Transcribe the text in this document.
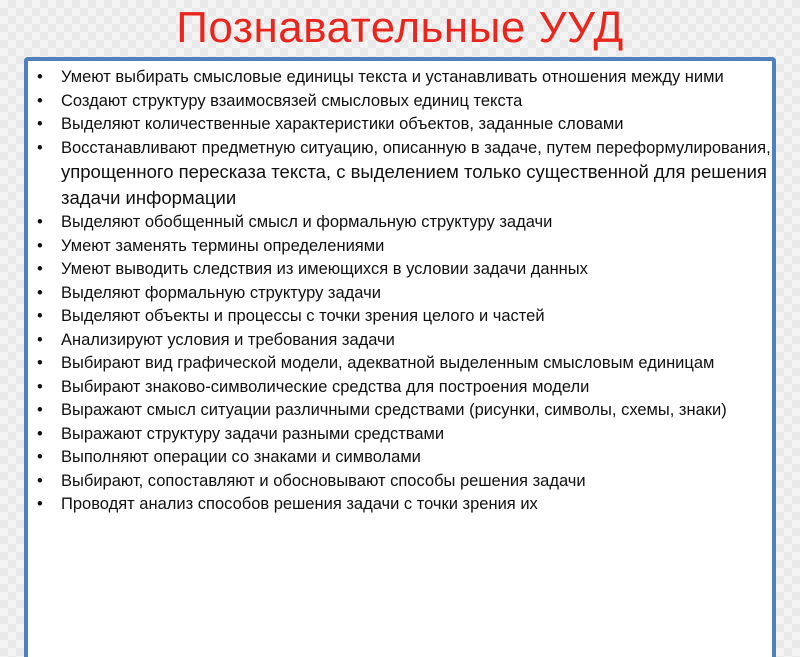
Познавательные УУД
• Умеют выбирать смысловые единицы текста и устанавливать отношения между ними
• Создают структуру взаимосвязей смысловых единиц текста
• Выделяют количественные характеристики объектов, заданные словами
• Восстанавливают предметную ситуацию, описанную в задаче, путем переформулирования, упрощенного пересказа текста, с выделением только существенной для решения задачи информации
• Выделяют обобщенный смысл и формальную структуру задачи
• Умеют заменять термины определениями
• Умеют выводить следствия из имеющихся в условии задачи данных
• Выделяют формальную структуру задачи
• Выделяют объекты и процессы с точки зрения целого и частей
• Анализируют условия и требования задачи
• Выбирают вид графической модели, адекватной выделенным смысловым единицам
• Выбирают знаково-символические средства для построения модели
• Выражают смысл ситуации различными средствами (рисунки, символы, схемы, знаки)
• Выражают структуру задачи разными средствами
• Выполняют операции со знаками и символами
• Выбирают, сопоставляют и обосновывают способы решения задачи
• Проводят анализ способов решения задачи с точки зрения их
